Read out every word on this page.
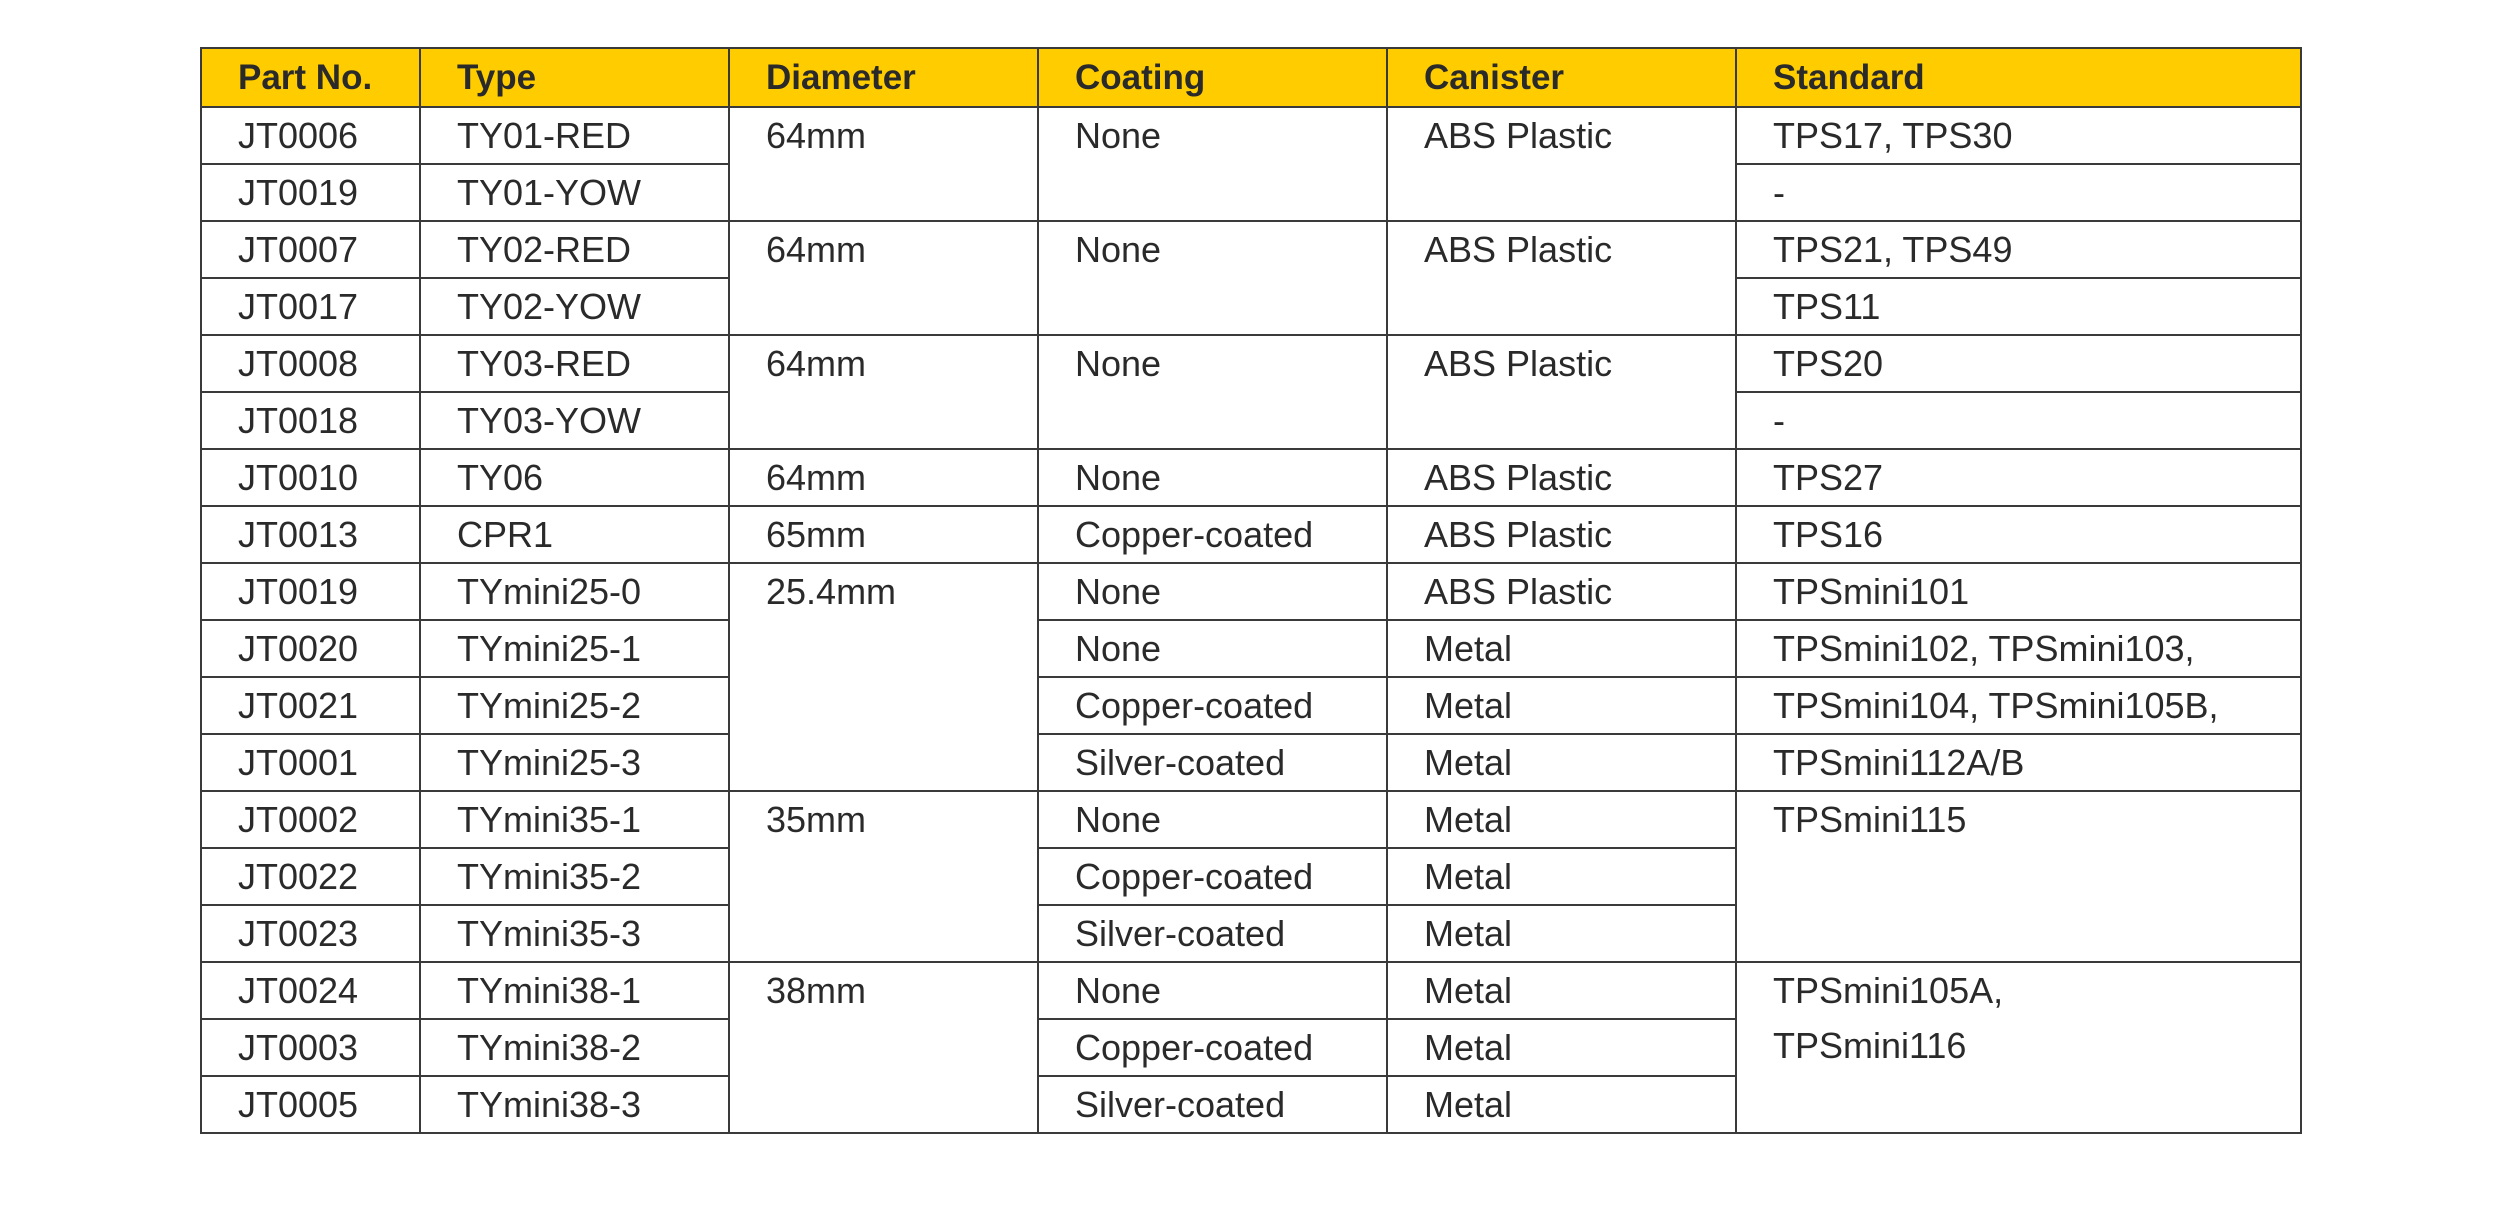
Part No.	Type	Diameter	Coating	Canister	Standard
JT0006	TY01-RED	64mm	None	ABS Plastic	TPS17, TPS30
JT0019	TY01-YOW				-
JT0007	TY02-RED	64mm	None	ABS Plastic	TPS21, TPS49
JT0017	TY02-YOW				TPS11
JT0008	TY03-RED	64mm	None	ABS Plastic	TPS20
JT0018	TY03-YOW				-
JT0010	TY06	64mm	None	ABS Plastic	TPS27
JT0013	CPR1	65mm	Copper-coated	ABS Plastic	TPS16
JT0019	TYmini25-0	25.4mm	None	ABS Plastic	TPSmini101
JT0020	TYmini25-1		None	Metal	TPSmini102, TPSmini103,
JT0021	TYmini25-2		Copper-coated	Metal	TPSmini104, TPSmini105B,
JT0001	TYmini25-3		Silver-coated	Metal	TPSmini112A/B
JT0002	TYmini35-1	35mm	None	Metal	TPSmini115
JT0022	TYmini35-2		Copper-coated	Metal	
JT0023	TYmini35-3		Silver-coated	Metal	
JT0024	TYmini38-1	38mm	None	Metal	TPSmini105A,
TPSmini116

JT0003	TYmini38-2		Copper-coated	Metal	
JT0005	TYmini38-3		Silver-coated	Metal	
